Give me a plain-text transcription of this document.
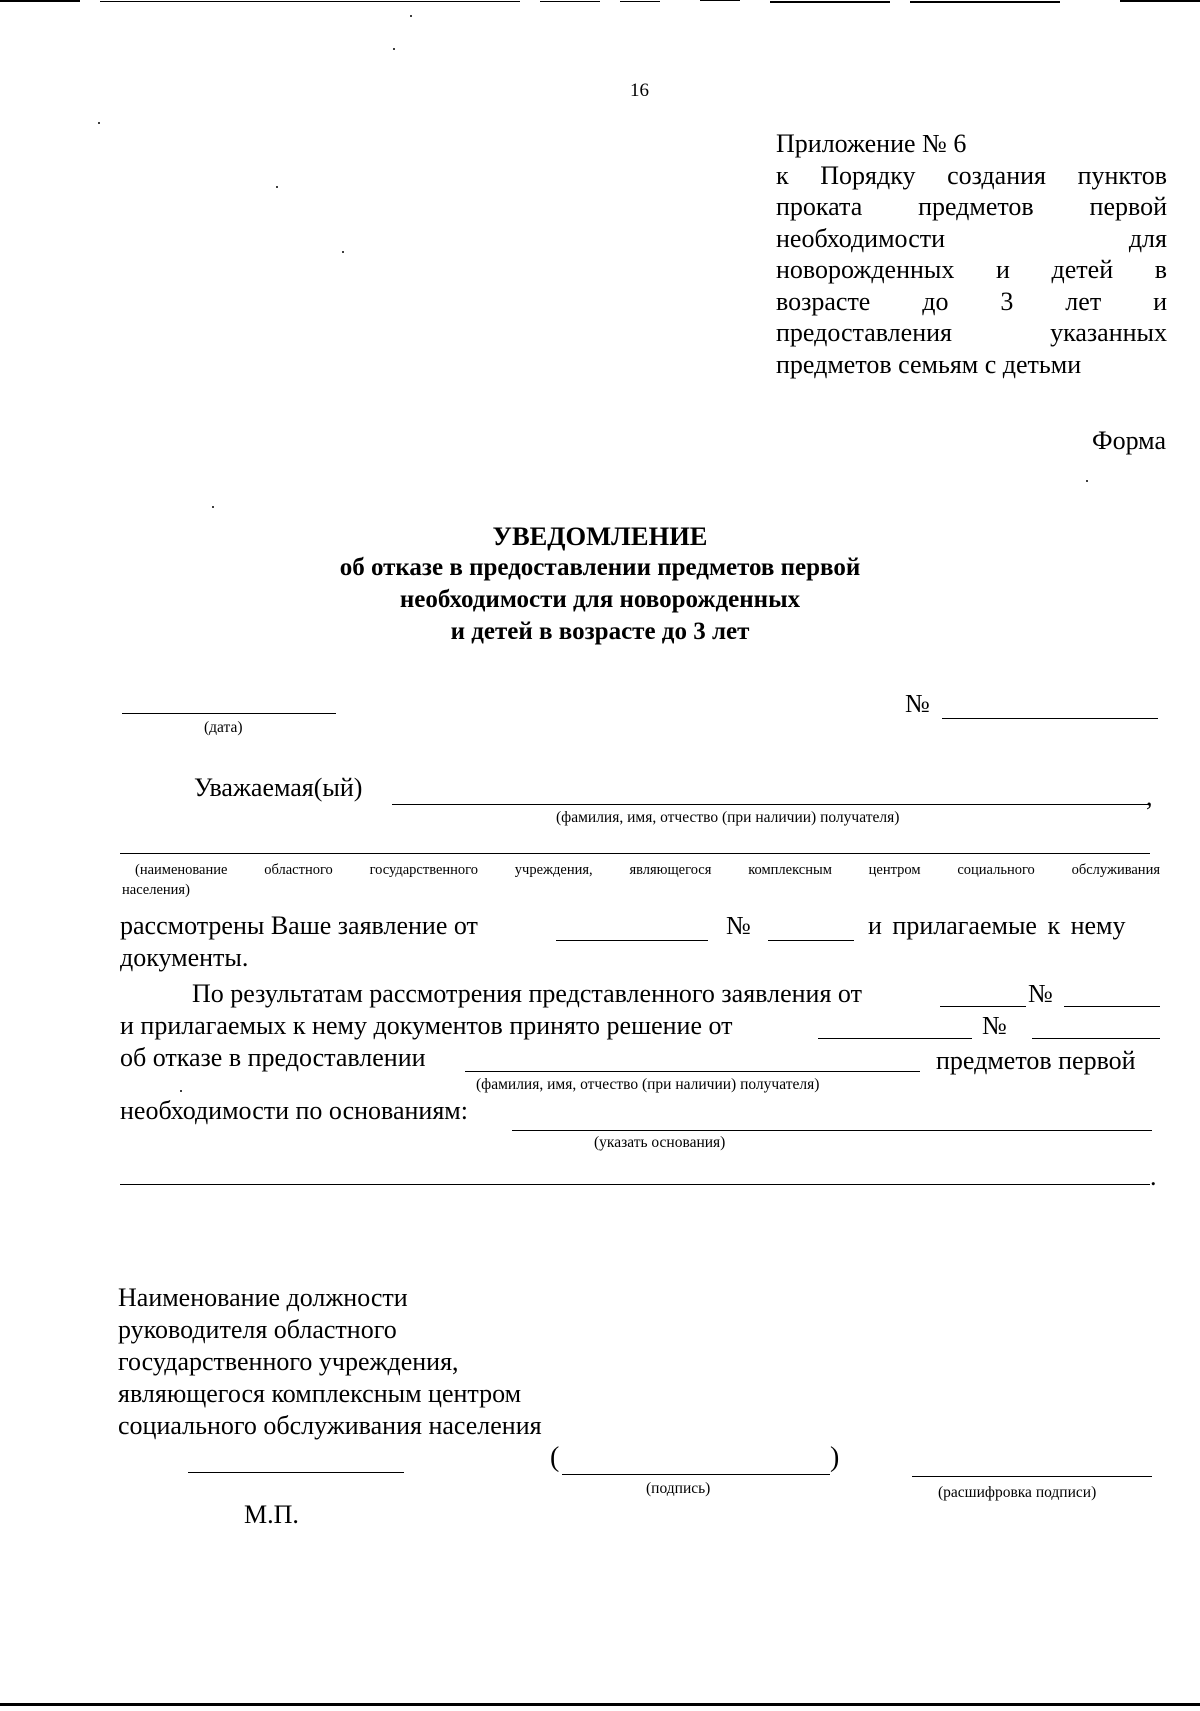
16
Приложение № 6
к Порядку создания пунктов
проката предметов первой
необходимости для
новорожденных и детей в
возрасте до 3 лет и
предоставления указанных
предметов семьям с детьми
Форма
УВЕДОМЛЕНИЕ
об отказе в предоставлении предметов первой
необходимости для новорожденных
и детей в возрасте до 3 лет
(дата)
№
Уважаемая(ый)	,
(фамилия, имя, отчество (при наличии) получателя)
(наименование областного государственного учреждения, являющегося комплексным центром социального обслуживания
населения)
рассмотрены Ваше заявление от	№	и прилагаемые к нему
документы.
По результатам рассмотрения представленного заявления от	№
и прилагаемых к нему документов принято решение от	№
об отказе в предоставлении	предметов первой
(фамилия, имя, отчество (при наличии) получателя)
необходимости по основаниям:
(указать основания)
.
Наименование должности
руководителя областного
государственного учреждения,
являющегося комплексным центром
социального обслуживания населения
(	)
(подпись)	(расшифровка подписи)
М.П.
